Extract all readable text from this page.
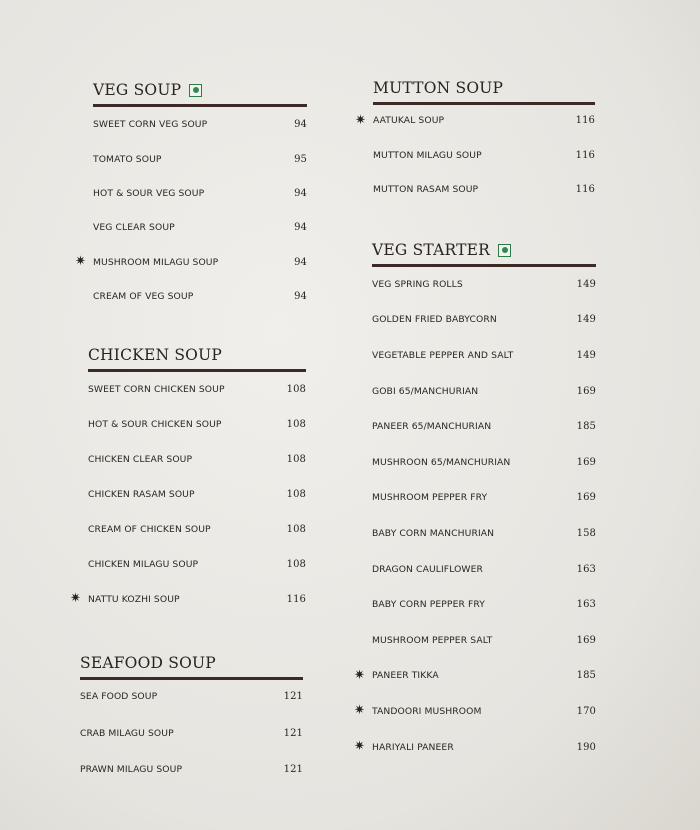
VEG SOUP
SWEET CORN VEG SOUP	94
TOMATO SOUP	95
HOT & SOUR VEG SOUP	94
VEG CLEAR SOUP	94
✷ MUSHROOM MILAGU SOUP	94
CREAM OF VEG SOUP	94
CHICKEN SOUP
SWEET CORN CHICKEN SOUP	108
HOT & SOUR CHICKEN SOUP	108
CHICKEN CLEAR SOUP	108
CHICKEN RASAM SOUP	108
CREAM OF CHICKEN SOUP	108
CHICKEN MILAGU SOUP	108
✷ NATTU KOZHI SOUP	116
SEAFOOD SOUP
SEA FOOD SOUP	121
CRAB MILAGU SOUP	121
PRAWN MILAGU SOUP	121
MUTTON SOUP
✷ AATUKAL SOUP	116
MUTTON MILAGU SOUP	116
MUTTON RASAM SOUP	116
VEG STARTER
VEG SPRING ROLLS	149
GOLDEN FRIED BABYCORN	149
VEGETABLE PEPPER AND SALT	149
GOBI 65/MANCHURIAN	169
PANEER 65/MANCHURIAN	185
MUSHROON 65/MANCHURIAN	169
MUSHROOM PEPPER FRY	169
BABY CORN MANCHURIAN	158
DRAGON CAULIFLOWER	163
BABY CORN PEPPER FRY	163
MUSHROOM PEPPER SALT	169
✷ PANEER TIKKA	185
✷ TANDOORI MUSHROOM	170
✷ HARIYALI PANEER	190
